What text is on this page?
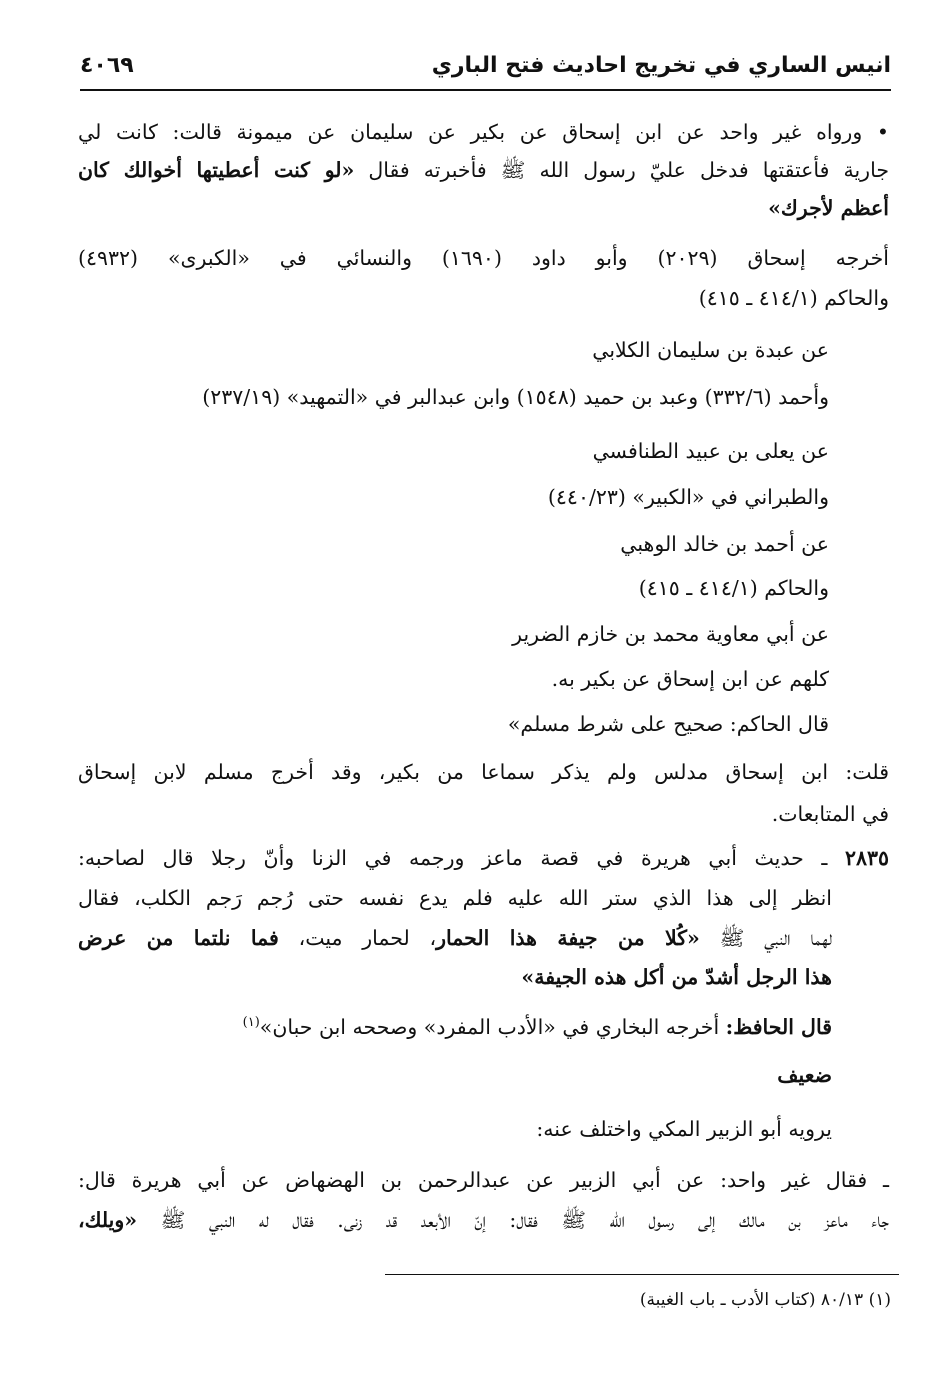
انيس الساري في تخريج احاديث فتح الباري
٤٠٦٩
• ورواه غير واحد عن ابن إسحاق عن بكير عن سليمان عن ميمونة قالت: كانت لي
جارية فأعتقتها فدخل عليّ رسول الله ﷺ فأخبرته فقال «لو كنت أعطيتها أخوالك كان
أعظم لأجرك»
أخرجه إسحاق (٢٠٢٩) وأبو داود (١٦٩٠) والنسائي في «الكبرى» (٤٩٣٢)
والحاكم (٤١٤/١ ـ ٤١٥)
عن عبدة بن سليمان الكلابي
وأحمد (٣٣٢/٦) وعبد بن حميد (١٥٤٨) وابن عبدالبر في «التمهيد» (٢٣٧/١٩)
عن يعلى بن عبيد الطنافسي
والطبراني في «الكبير» (٤٤٠/٢٣)
عن أحمد بن خالد الوهبي
والحاكم (٤١٤/١ ـ ٤١٥)
عن أبي معاوية محمد بن خازم الضرير
كلهم عن ابن إسحاق عن بكير به.
قال الحاكم: صحيح على شرط مسلم»
قلت: ابن إسحاق مدلس ولم يذكر سماعا من بكير، وقد أخرج مسلم لابن إسحاق
في المتابعات.
٢٨٣٥ ـ حديث أبي هريرة في قصة ماعز ورجمه في الزنا وأنّ رجلا قال لصاحبه:
انظر إلى هذا الذي ستر الله عليه فلم يدع نفسه حتى رُجم رَجم الكلب، فقال
لهما النبي ﷺ «كُلا من جيفة هذا الحمار، لحمار ميت، فما نلتما من عرض
هذا الرجل أشدّ من أكل هذه الجيفة»
قال الحافظ: أخرجه البخاري في «الأدب المفرد» وصححه ابن حبان»$^{(١)}$
ضعيف
يرويه أبو الزبير المكي واختلف عنه:
ـ فقال غير واحد: عن أبي الزبير عن عبدالرحمن بن الهضهاض عن أبي هريرة قال:
جاء ماعز بن مالك إلى رسول الله ﷺ فقال: إنّ الأبعد قد زنى. فقال له النبي ﷺ «ويلك،
(١) ٨٠/١٣ (كتاب الأدب ـ باب الغيبة)
